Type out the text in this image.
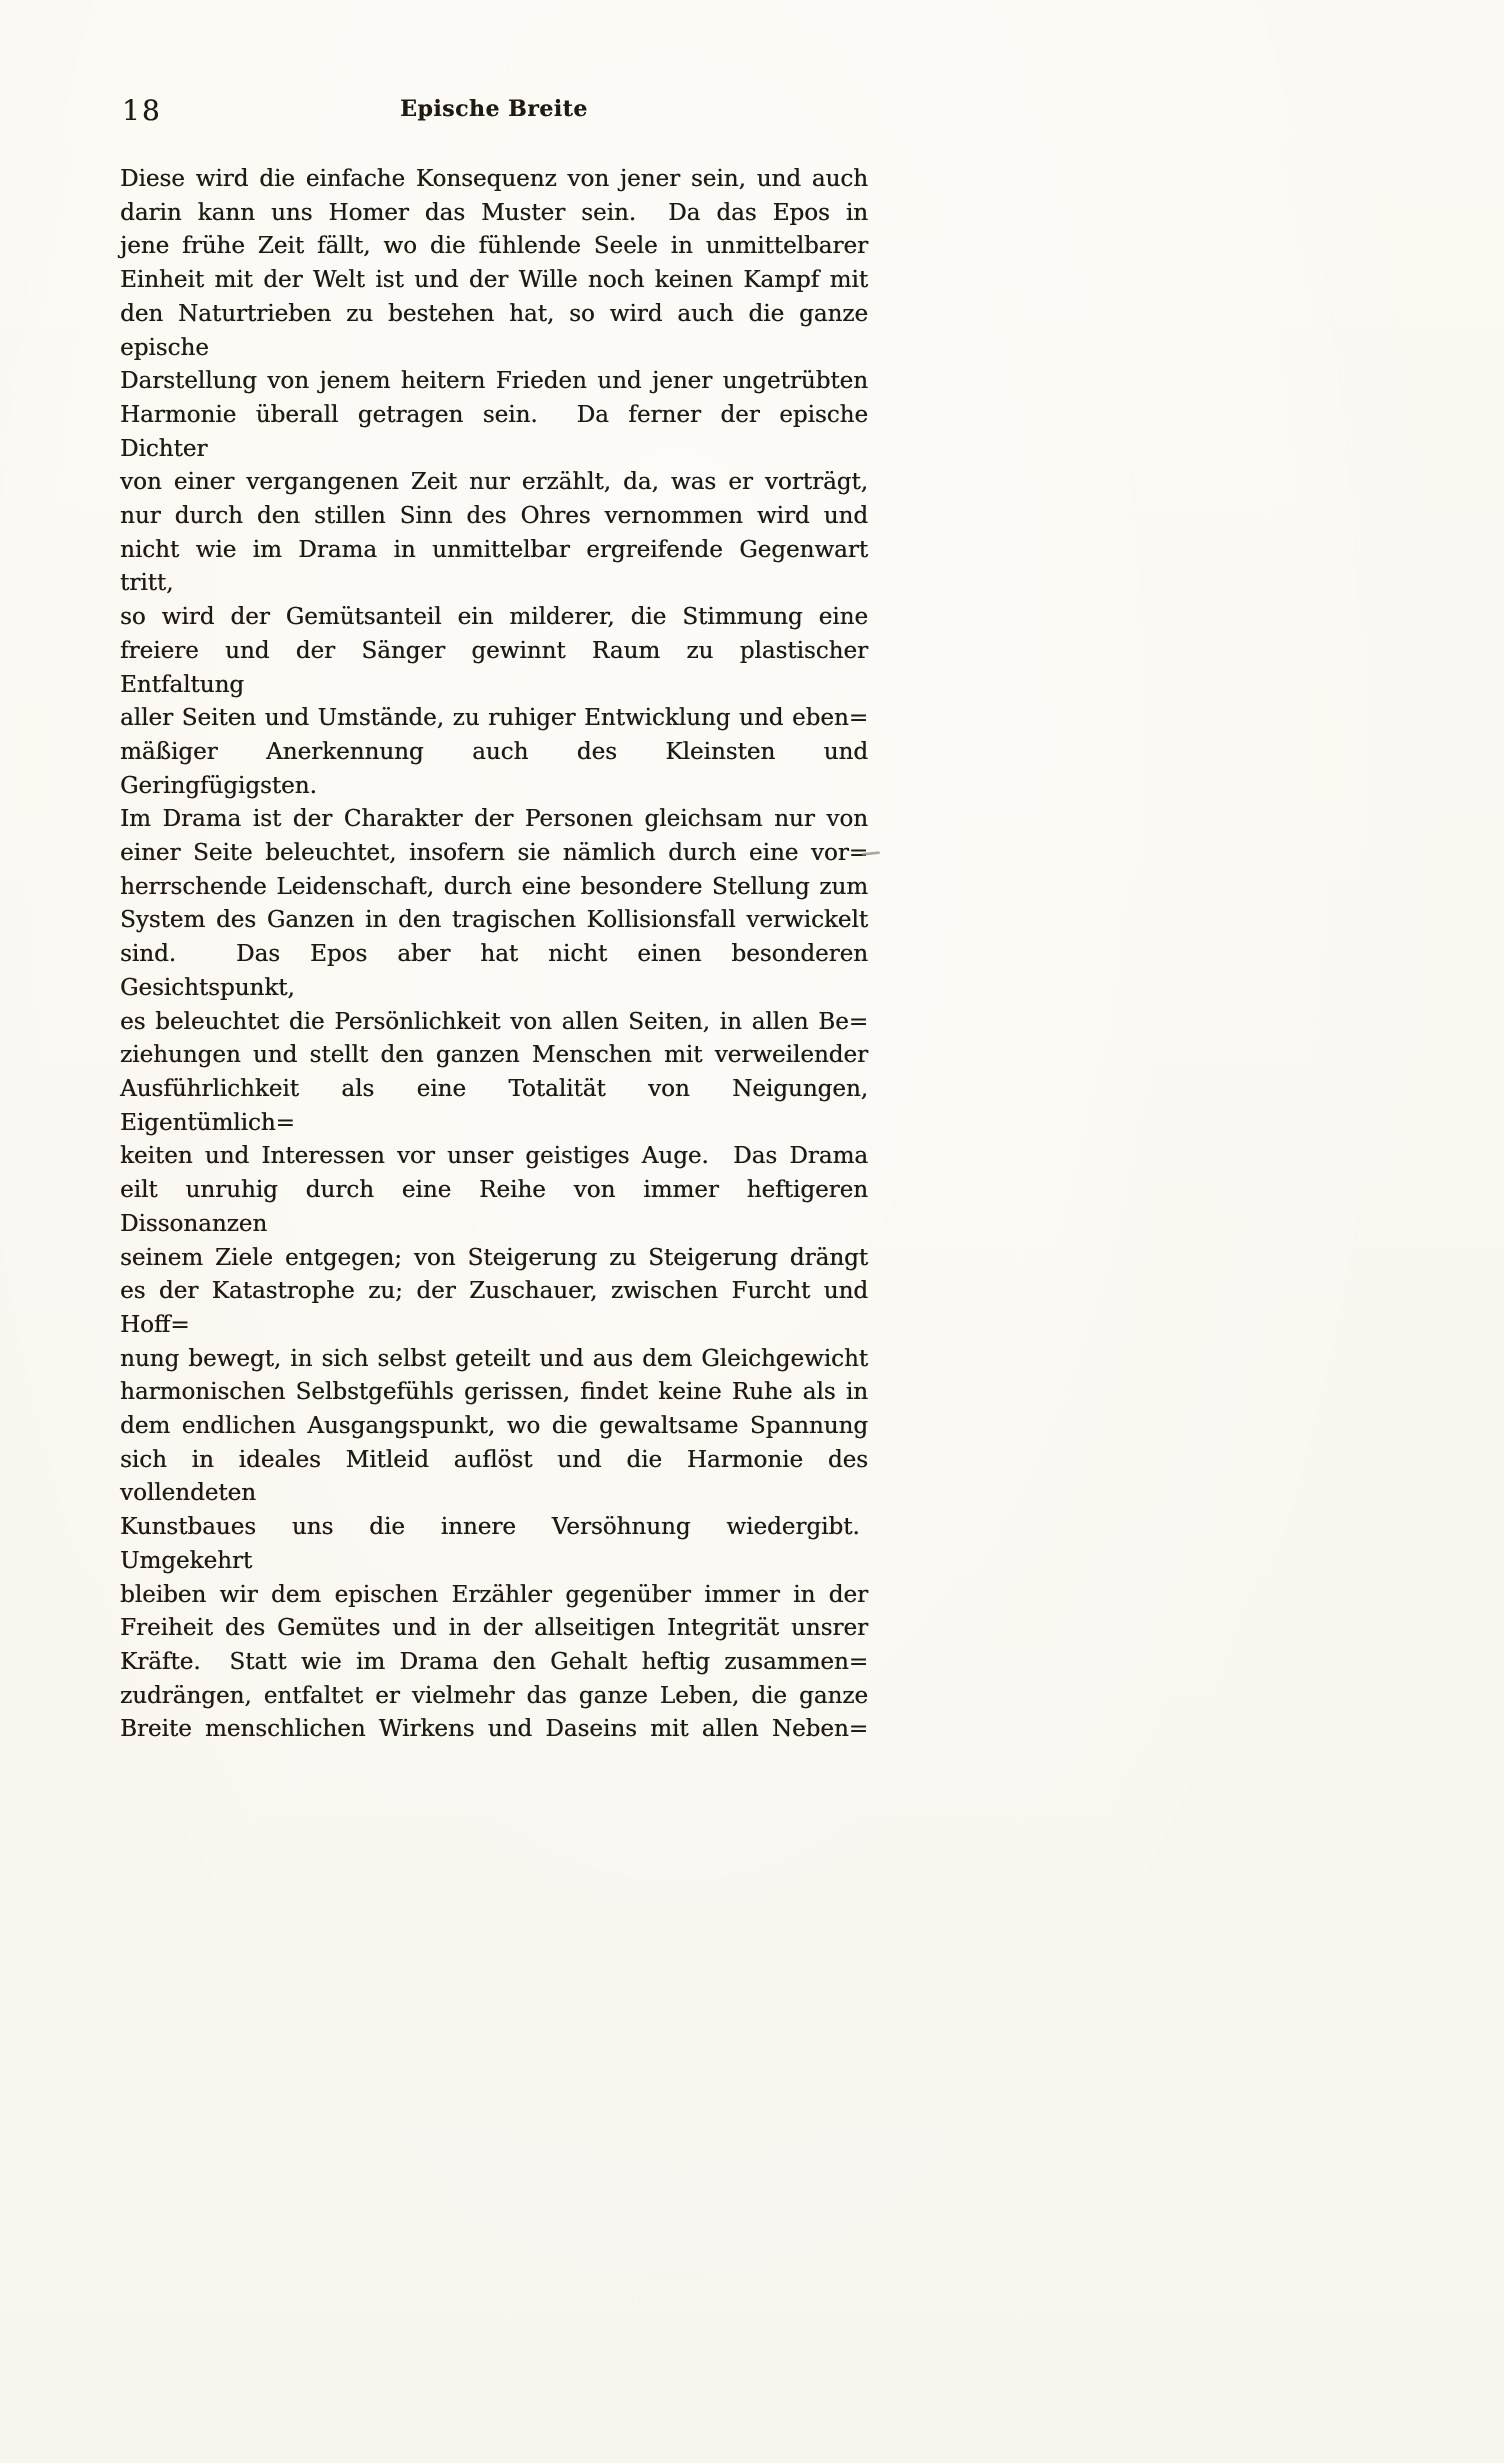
18	Epische Breite
Diese wird die einfache Konsequenz von jener sein, und auch
darin kann uns Homer das Muster sein.  Da das Epos in
jene frühe Zeit fällt, wo die fühlende Seele in unmittelbarer
Einheit mit der Welt ist und der Wille noch keinen Kampf mit
den Naturtrieben zu bestehen hat, so wird auch die ganze epische
Darstellung von jenem heitern Frieden und jener ungetrübten
Harmonie überall getragen sein.  Da ferner der epische Dichter
von einer vergangenen Zeit nur erzählt, da, was er vorträgt,
nur durch den stillen Sinn des Ohres vernommen wird und
nicht wie im Drama in unmittelbar ergreifende Gegenwart tritt,
so wird der Gemütsanteil ein milderer, die Stimmung eine
freiere und der Sänger gewinnt Raum zu plastischer Entfaltung
aller Seiten und Umstände, zu ruhiger Entwicklung und eben=
mäßiger Anerkennung auch des Kleinsten und Geringfügigsten.
Im Drama ist der Charakter der Personen gleichsam nur von
einer Seite beleuchtet, insofern sie nämlich durch eine vor=
herrschende Leidenschaft, durch eine besondere Stellung zum
System des Ganzen in den tragischen Kollisionsfall verwickelt
sind.  Das Epos aber hat nicht einen besonderen Gesichtspunkt,
es beleuchtet die Persönlichkeit von allen Seiten, in allen Be=
ziehungen und stellt den ganzen Menschen mit verweilender
Ausführlichkeit als eine Totalität von Neigungen, Eigentümlich=
keiten und Interessen vor unser geistiges Auge.  Das Drama
eilt unruhig durch eine Reihe von immer heftigeren Dissonanzen
seinem Ziele entgegen; von Steigerung zu Steigerung drängt
es der Katastrophe zu; der Zuschauer, zwischen Furcht und Hoff=
nung bewegt, in sich selbst geteilt und aus dem Gleichgewicht
harmonischen Selbstgefühls gerissen, findet keine Ruhe als in
dem endlichen Ausgangspunkt, wo die gewaltsame Spannung
sich in ideales Mitleid auflöst und die Harmonie des vollendeten
Kunstbaues uns die innere Versöhnung wiedergibt.  Umgekehrt
bleiben wir dem epischen Erzähler gegenüber immer in der
Freiheit des Gemütes und in der allseitigen Integrität unsrer
Kräfte.  Statt wie im Drama den Gehalt heftig zusammen=
zudrängen, entfaltet er vielmehr das ganze Leben, die ganze
Breite menschlichen Wirkens und Daseins mit allen Neben=
